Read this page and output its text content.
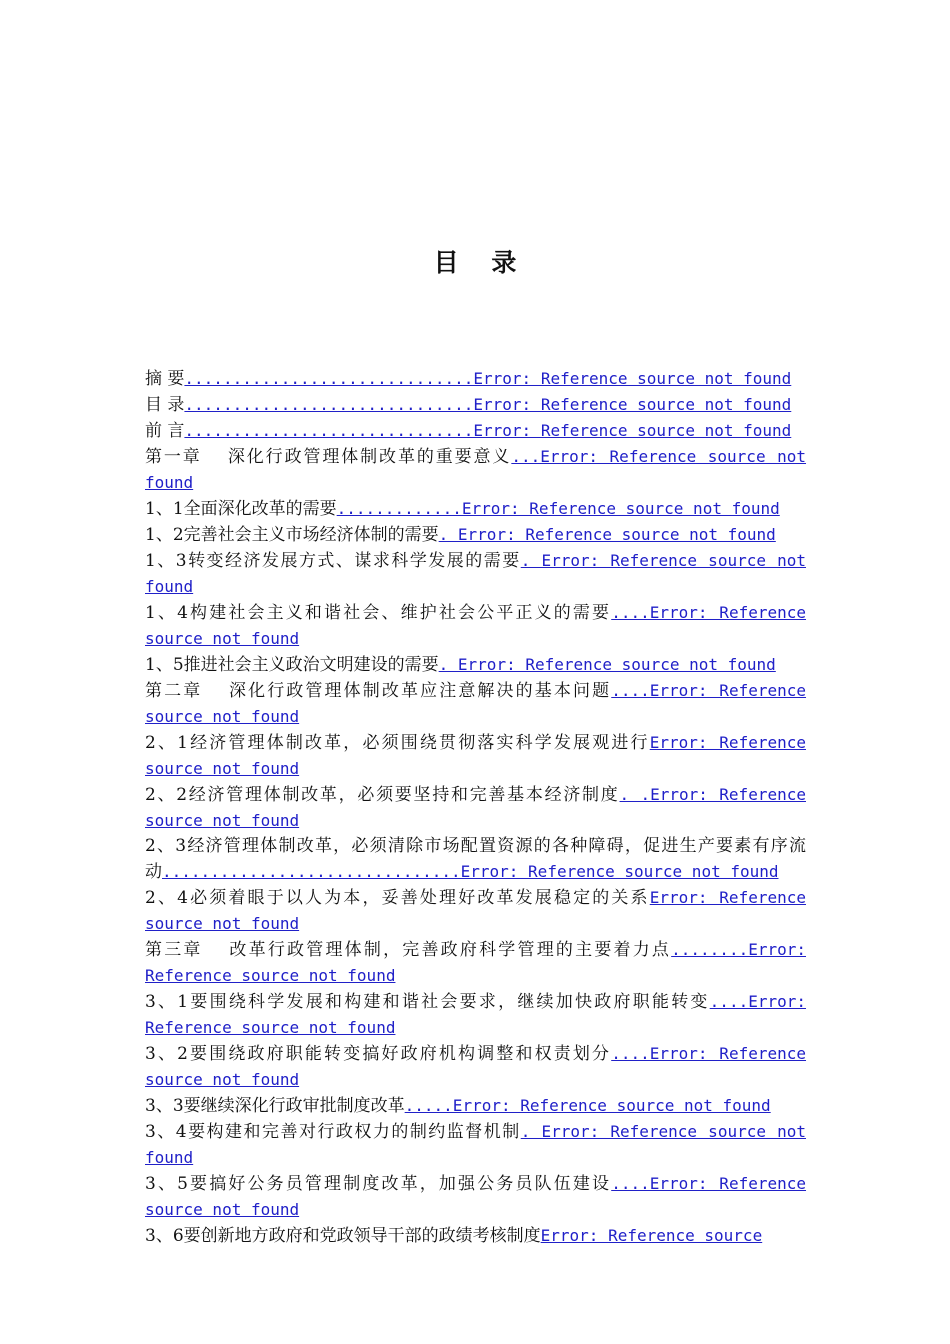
目 录
摘 要..............................Error: Reference source not found
目 录..............................Error: Reference source not found
前 言..............................Error: Reference source not found
第一章　 深化行政管理体制改革的重要意义...Error: Reference source not found
1、1全面深化改革的需要.............Error: Reference source not found
1、2完善社会主义市场经济体制的需要. Error: Reference source not found
1、3转变经济发展方式、谋求科学发展的需要. Error: Reference source not found
1、4构建社会主义和谐社会、维护社会公平正义的需要....Error: Reference source not found
1、5推进社会主义政治文明建设的需要. Error: Reference source not found
第二章　 深化行政管理体制改革应注意解决的基本问题....Error: Reference source not found
2、1经济管理体制改革，必须围绕贯彻落实科学发展观进行Error: Reference source not found
2、2经济管理体制改革，必须要坚持和完善基本经济制度. .Error: Reference source not found
2、3经济管理体制改革，必须清除市场配置资源的各种障碍，促进生产要素有序流动...............................Error: Reference source not found
2、4必须着眼于以人为本，妥善处理好改革发展稳定的关系Error: Reference source not found
第三章　 改革行政管理体制，完善政府科学管理的主要着力点........Error: Reference source not found
3、1要围绕科学发展和构建和谐社会要求，继续加快政府职能转变....Error: Reference source not found
3、2要围绕政府职能转变搞好政府机构调整和权责划分....Error: Reference source not found
3、3要继续深化行政审批制度改革.....Error: Reference source not found
3、4要构建和完善对行政权力的制约监督机制. Error: Reference source not found
3、5要搞好公务员管理制度改革，加强公务员队伍建设....Error: Reference source not found
3、6要创新地方政府和党政领导干部的政绩考核制度Error: Reference source
